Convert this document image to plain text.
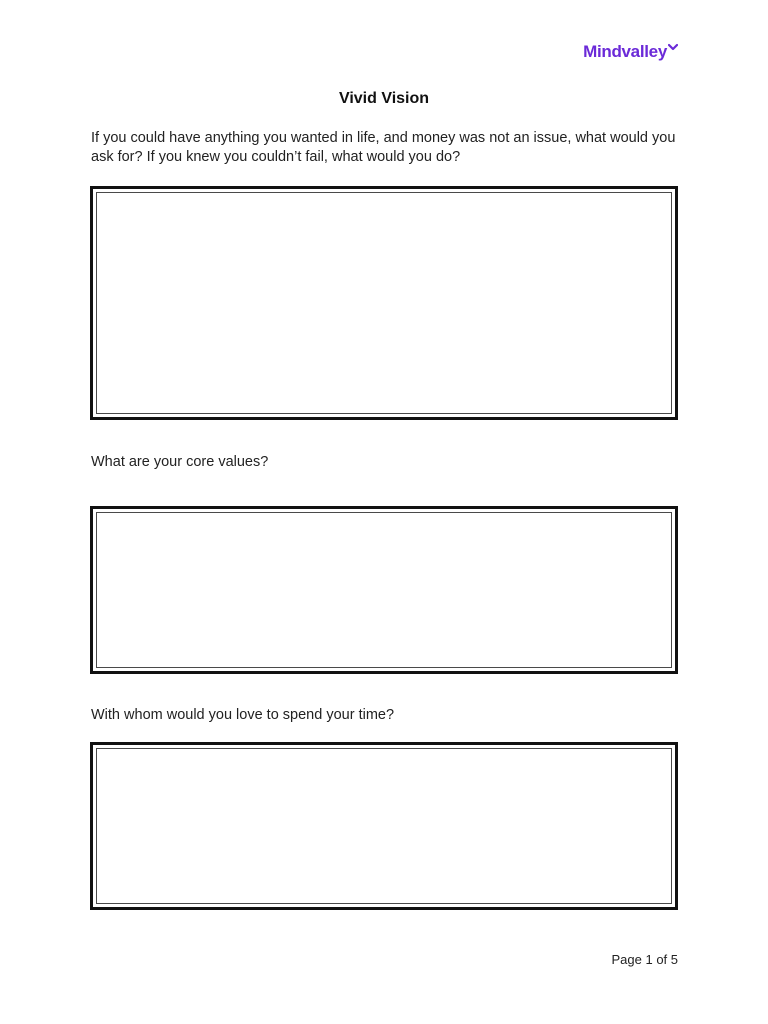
Mindvalley
Vivid Vision
If you could have anything you wanted in life, and money was not an issue, what would you ask for? If you knew you couldn’t fail, what would you do?
What are your core values?
With whom would you love to spend your time?
Page 1 of 5
